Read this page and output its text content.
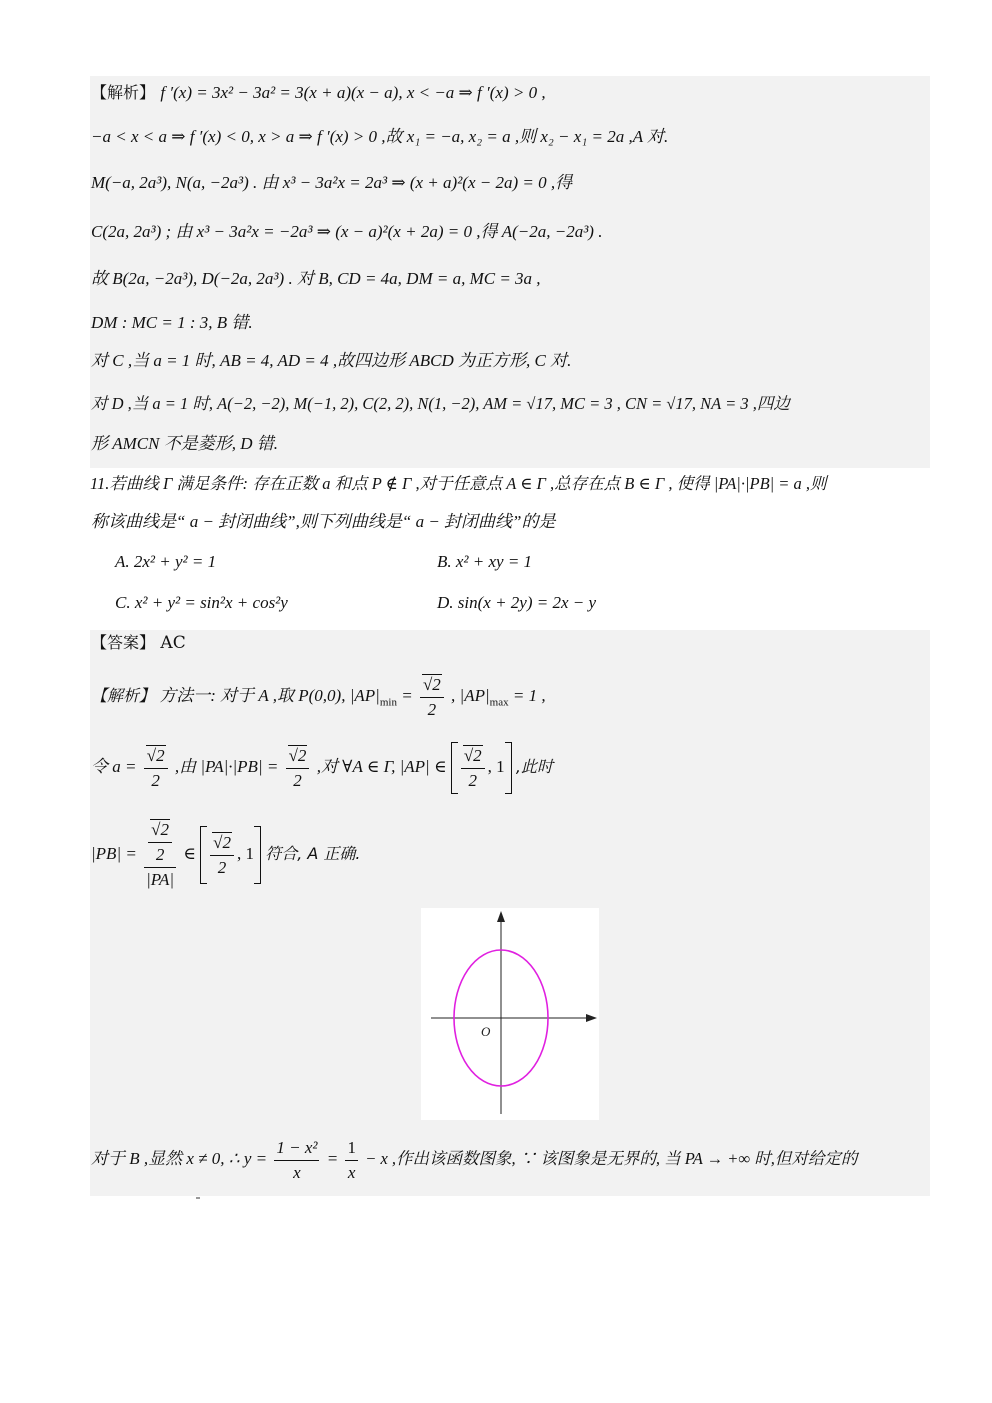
【解析】 f ′(x) = 3x² − 3a² = 3(x + a)(x − a), x < −a ⇒ f ′(x) > 0 ,
−a < x < a ⇒ f ′(x) < 0, x > a ⇒ f ′(x) > 0 ,故 x₁ = −a, x₂ = a ,则 x₂ − x₁ = 2a ,A 对.
M(−a, 2a³), N(a, −2a³) . 由 x³ − 3a²x = 2a³ ⇒ (x + a)²(x − 2a) = 0 ,得
C(2a, 2a³) ; 由 x³ − 3a²x = −2a³ ⇒ (x − a)²(x + 2a) = 0 ,得 A(−2a, −2a³) .
故 B(2a, −2a³), D(−2a, 2a³) . 对 B, CD = 4a, DM = a, MC = 3a ,
DM : MC = 1 : 3, B 错.
对 C ,当 a = 1 时, AB = 4, AD = 4 ,故四边形 ABCD 为正方形, C 对.
对 D ,当 a = 1 时, A(−2, −2), M(−1, 2), C(2, 2), N(1, −2), AM = √17, MC = 3 , CN = √17, NA = 3 ,四边
形 AMCN 不是菱形, D 错.
11.若曲线 Γ 满足条件: 存在正数 a 和点 P ∉ Γ ,对于任意点 A ∈ Γ ,总存在点 B ∈ Γ , 使得 |PA|·|PB| = a ,则
称该曲线是“ a − 封闭曲线”,则下列曲线是“ a − 封闭曲线”的是
A. 2x² + y² = 1	B. x² + xy = 1
C. x² + y² = sin²x + cos²y	D. sin(x + 2y) = 2x − y
【答案】 AC
【解析】 方法一: 对于 A ,取 P(0,0), $|AP|_{min} = \frac{√2}{2}$ , $|AP|_{max} = 1$ ,
令 $a = \frac{√2}{2}$ ,由 $|PA|\cdot|PB| = \frac{√2}{2}$ ,对 ∀A ∈ Γ, |AP| ∈ $\frac{√2}{2}$ , 1 ,此时
$|PB| = \frac{\frac{√2}{2}}{|PA|}$ ∈ $\frac{√2}{2}$ , 1 符合, A 正确.
O
对于 B ,显然 x ≠ 0, ∴ $y = \frac{\text{1 − x²}}{x} = \frac{1}{x} - x$ ,作出该函数图象, ∵ 该图象是无界的, 当 PA → +∞ 时,但对给定的
